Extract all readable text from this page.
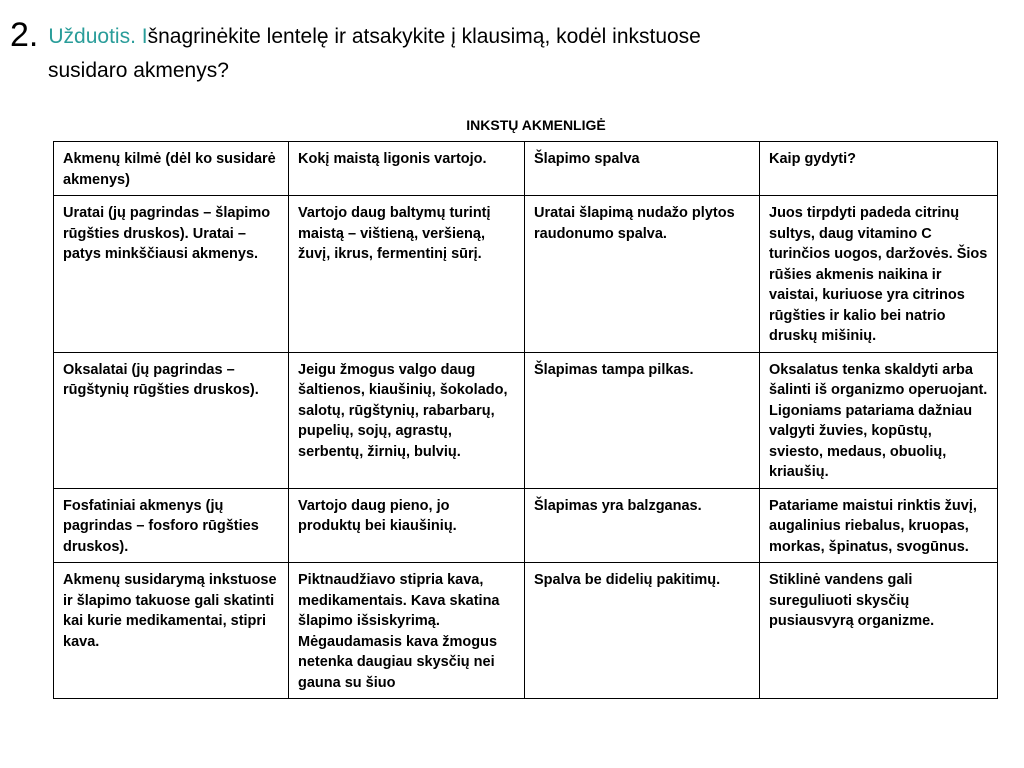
2. Užduotis. Išnagrinėkite lentelę ir atsakykite į klausimą, kodėl inkstuose
susidaro akmenys?
INKSTŲ AKMENLIGĖ
Akmenų kilmė (dėl ko susidarė akmenys)	Kokį maistą ligonis vartojo.	Šlapimo spalva	Kaip gydyti?
Uratai (jų pagrindas – šlapimo rūgšties druskos). Uratai – patys minkščiausi akmenys.	Vartojo daug baltymų turintį maistą – vištieną, veršieną, žuvį, ikrus, fermentinį sūrį.	Uratai šlapimą nudažo plytos raudonumo spalva.	Juos tirpdyti padeda citrinų sultys, daug vitamino C turinčios uogos, daržovės. Šios rūšies akmenis naikina ir vaistai, kuriuose yra citrinos rūgšties ir kalio bei natrio druskų mišinių.
Oksalatai (jų pagrindas – rūgštynių rūgšties druskos).	Jeigu žmogus valgo daug šaltienos, kiaušinių, šokolado, salotų, rūgštynių, rabarbarų, pupelių, sojų, agrastų, serbentų, žirnių, bulvių.	Šlapimas tampa pilkas.	Oksalatus tenka skaldyti arba šalinti iš organizmo operuojant. Ligoniams patariama dažniau valgyti žuvies, kopūstų, sviesto, medaus, obuolių, kriaušių.
Fosfatiniai akmenys (jų pagrindas – fosforo rūgšties druskos).	Vartojo daug pieno, jo produktų bei kiaušinių.	Šlapimas yra balzganas.	Patariame maistui rinktis žuvį, augalinius riebalus, kruopas, morkas, špinatus, svogūnus.
Akmenų susidarymą inkstuose ir šlapimo takuose gali skatinti kai kurie medikamentai, stipri kava.	Piktnaudžiavo stipria kava, medikamentais. Kava skatina šlapimo išsiskyrimą. Mėgaudamasis kava žmogus netenka daugiau skysčių nei gauna su šiuo	Spalva be didelių pakitimų.	Stiklinė vandens gali sureguliuoti skysčių pusiausvyrą organizme.
